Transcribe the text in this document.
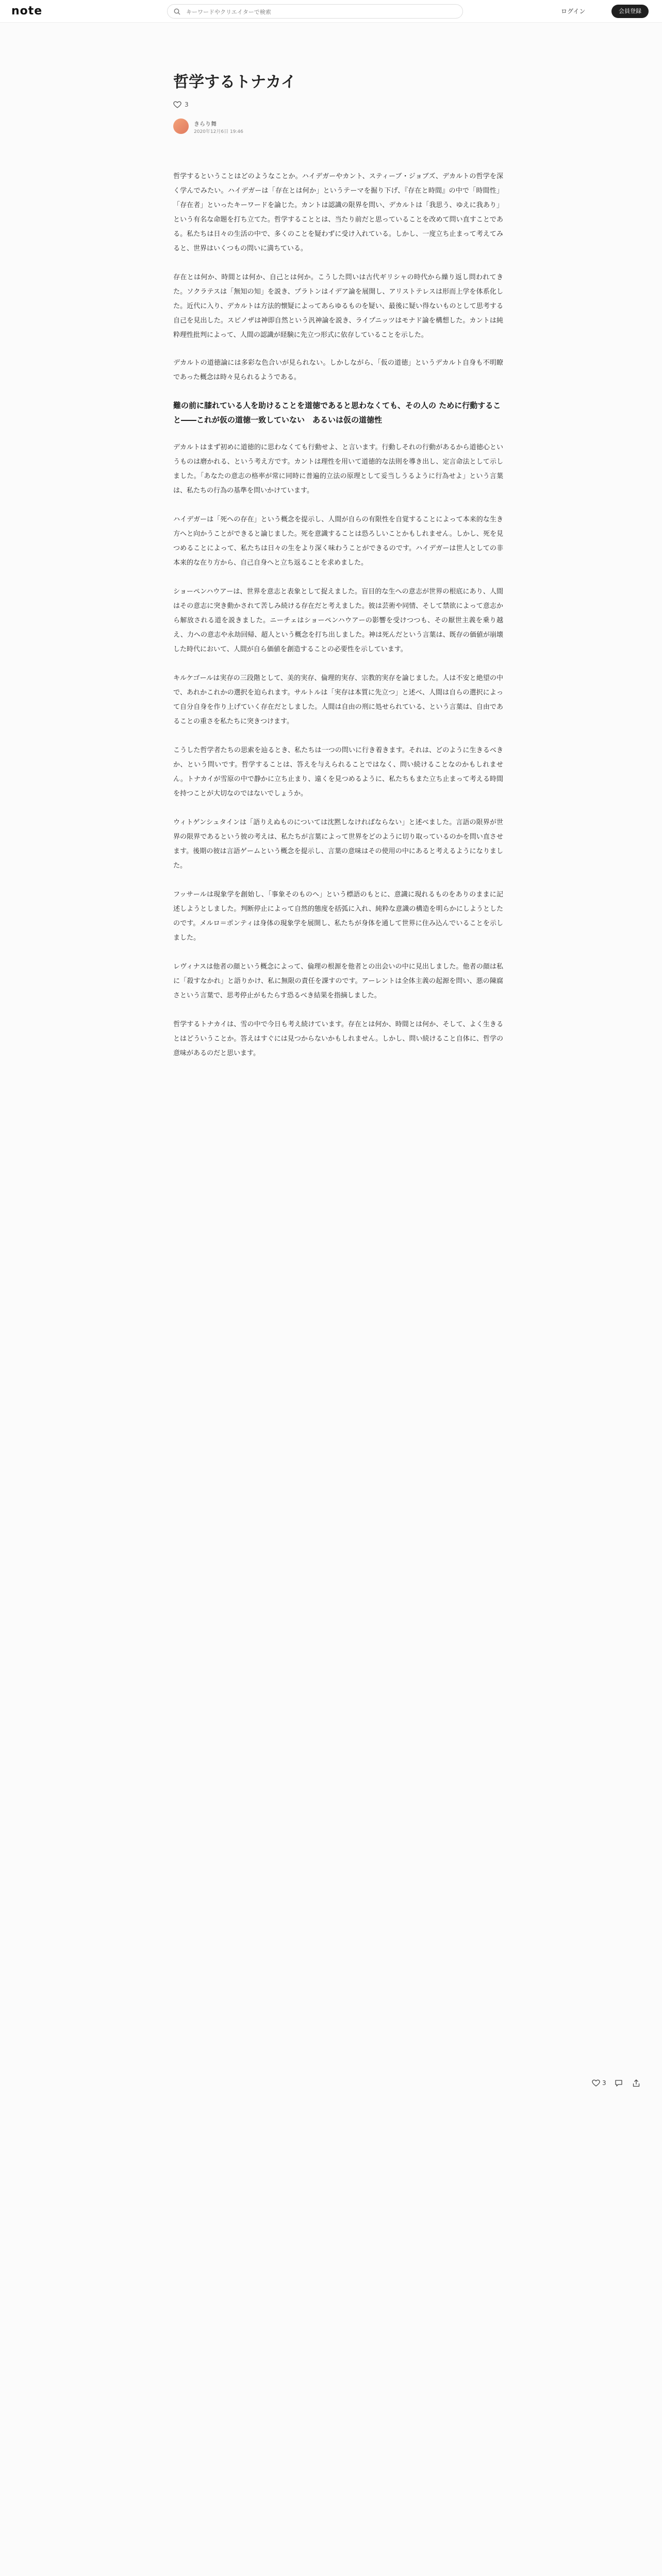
note
キーワードやクリエイターで検索	ログイン	会員登録
哲学するトナカイ
3
きらり舞
2020年12月6日 19:46

哲学するということはどのようなことか。ハイデガーやカント、スティーブ・ジョブズ、デカルトの哲学を深く学んでみたい。ハイデガーは「存在とは何か」というテーマを掘り下げ、『存在と時間』の中で「時間性」「存在者」といったキーワードを論じた。カントは認識の限界を問い、デカルトは「我思う、ゆえに我あり」という有名な命題を打ち立てた。哲学することとは、当たり前だと思っていることを改めて問い直すことである。私たちは日々の生活の中で、多くのことを疑わずに受け入れている。しかし、一度立ち止まって考えてみると、世界はいくつもの問いに満ちている。

存在とは何か、時間とは何か、自己とは何か。こうした問いは古代ギリシャの時代から繰り返し問われてきた。ソクラテスは「無知の知」を説き、プラトンはイデア論を展開し、アリストテレスは形而上学を体系化した。近代に入り、デカルトは方法的懐疑によってあらゆるものを疑い、最後に疑い得ないものとして思考する自己を見出した。スピノザは神即自然という汎神論を説き、ライプニッツはモナド論を構想した。カントは純粋理性批判によって、人間の認識が経験に先立つ形式に依存していることを示した。

デカルトの道徳論には多彩な色合いが見られない。しかしながら、「仮の道徳」というデカルト自身も不明瞭であった概念は時々見られるようである。

難の前に膝れている人を助けることを道徳であると思わなくても、その人の ために行動すること――これが仮の道徳一致していない　あるいは仮の道徳性

デカルトはまず初めに道徳的に思わなくても行動せよ、と言います。行動しそれの行動があるから道徳心というものは磨かれる、という考え方です。カントは理性を用いて道徳的な法則を導き出し、定言命法として示しました。「あなたの意志の格率が常に同時に普遍的立法の原理として妥当しうるように行為せよ」という言葉は、私たちの行為の基準を問いかけています。

ハイデガーは「死への存在」という概念を提示し、人間が自らの有限性を自覚することによって本来的な生き方へと向かうことができると論じました。死を意識することは恐ろしいことかもしれません。しかし、死を見つめることによって、私たちは日々の生をより深く味わうことができるのです。ハイデガーは世人としての非本来的な在り方から、自己自身へと立ち返ることを求めました。

ショーペンハウアーは、世界を意志と表象として捉えました。盲目的な生への意志が世界の根底にあり、人間はその意志に突き動かされて苦しみ続ける存在だと考えました。彼は芸術や同情、そして禁欲によって意志から解放される道を説きました。ニーチェはショーペンハウアーの影響を受けつつも、その厭世主義を乗り越え、力への意志や永劫回帰、超人という概念を打ち出しました。神は死んだという言葉は、既存の価値が崩壊した時代において、人間が自ら価値を創造することの必要性を示しています。

キルケゴールは実存の三段階として、美的実存、倫理的実存、宗教的実存を論じました。人は不安と絶望の中で、あれかこれかの選択を迫られます。サルトルは「実存は本質に先立つ」と述べ、人間は自らの選択によって自分自身を作り上げていく存在だとしました。人間は自由の刑に処せられている、という言葉は、自由であることの重さを私たちに突きつけます。

こうした哲学者たちの思索を辿るとき、私たちは一つの問いに行き着きます。それは、どのように生きるべきか、という問いです。哲学することは、答えを与えられることではなく、問い続けることなのかもしれません。トナカイが雪原の中で静かに立ち止まり、遠くを見つめるように、私たちもまた立ち止まって考える時間を持つことが大切なのではないでしょうか。

ウィトゲンシュタインは「語りえぬものについては沈黙しなければならない」と述べました。言語の限界が世界の限界であるという彼の考えは、私たちが言葉によって世界をどのように切り取っているのかを問い直させます。後期の彼は言語ゲームという概念を提示し、言葉の意味はその使用の中にあると考えるようになりました。

フッサールは現象学を創始し、「事象そのものへ」という標語のもとに、意識に現れるものをありのままに記述しようとしました。判断停止によって自然的態度を括弧に入れ、純粋な意識の構造を明らかにしようとしたのです。メルロ＝ポンティは身体の現象学を展開し、私たちが身体を通して世界に住み込んでいることを示しました。

レヴィナスは他者の顔という概念によって、倫理の根源を他者との出会いの中に見出しました。他者の顔は私に「殺すなかれ」と語りかけ、私に無限の責任を課すのです。アーレントは全体主義の起源を問い、悪の陳腐さという言葉で、思考停止がもたらす恐るべき結果を指摘しました。

哲学するトナカイは、雪の中で今日も考え続けています。存在とは何か、時間とは何か、そして、よく生きるとはどういうことか。答えはすぐには見つからないかもしれません。しかし、問い続けること自体に、哲学の意味があるのだと思います。

3
